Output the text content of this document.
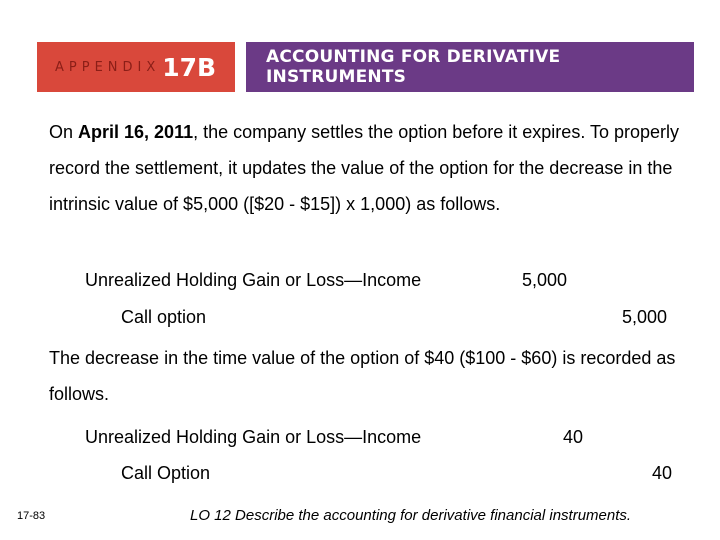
APPENDIX 17B	ACCOUNTING FOR DERIVATIVE INSTRUMENTS
On April 16, 2011, the company settles the option before it expires. To properly record the settlement, it updates the value of the option for the decrease in the intrinsic value of $5,000 ([$20 - $15]) x 1,000) as follows.
Unrealized Holding Gain or Loss—Income	5,000
Call option	5,000
The decrease in the time value of the option of $40 ($100 - $60) is recorded as follows.
Unrealized Holding Gain or Loss—Income	40
Call Option	40
17-83	LO 12 Describe the accounting for derivative financial instruments.
